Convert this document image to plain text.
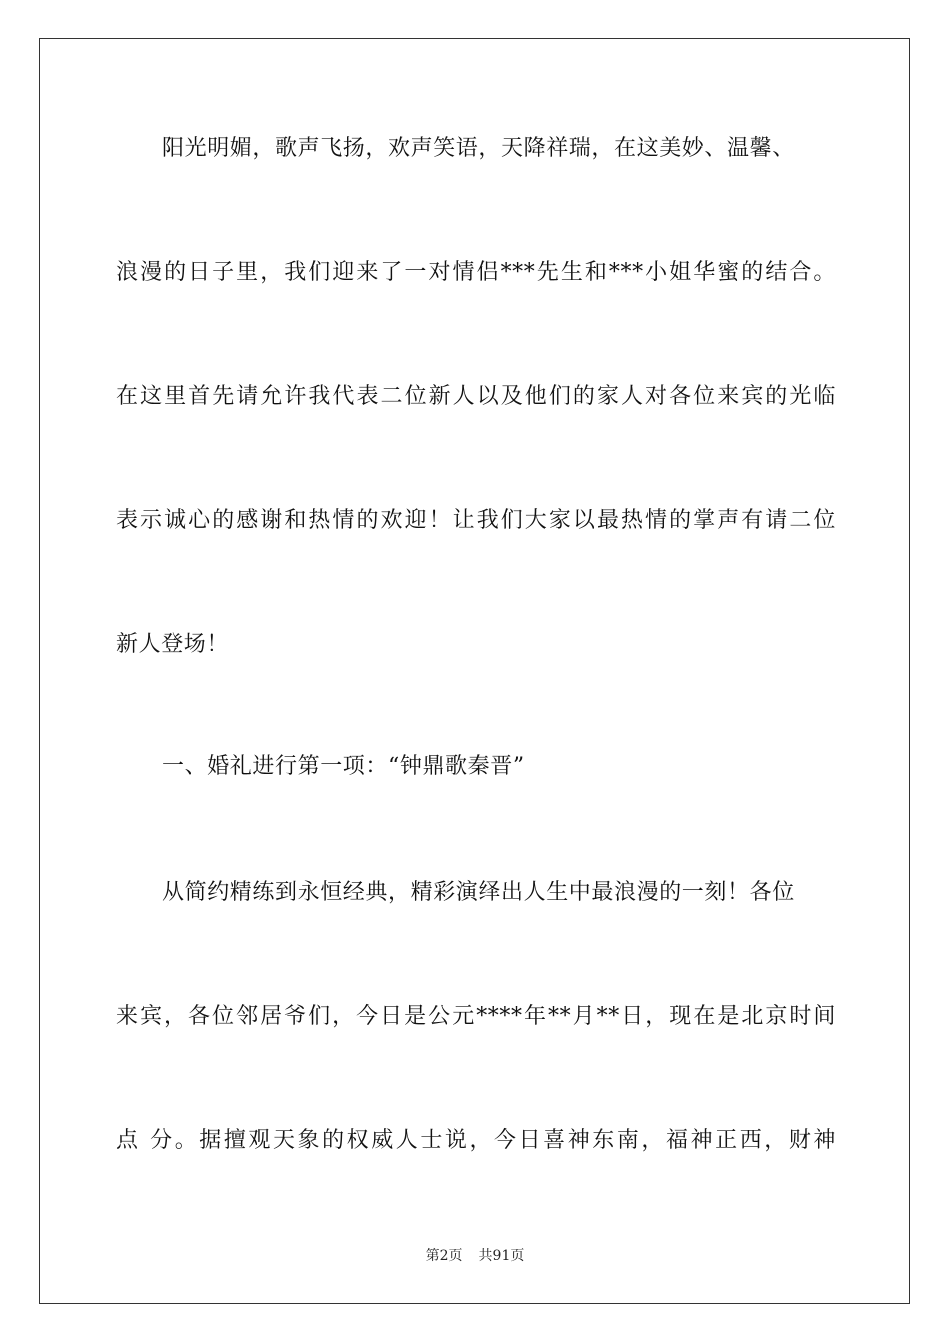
阳光明媚，歌声飞扬，欢声笑语，天降祥瑞，在这美妙、温馨、
浪漫的日子里，我们迎来了一对情侣***先生和***小姐华蜜的结合。
在这里首先请允许我代表二位新人以及他们的家人对各位来宾的光临
表示诚心的感谢和热情的欢迎！让我们大家以最热情的掌声有请二位
新人登场！
一、婚礼进行第一项：“钟鼎歌秦晋”
从简约精练到永恒经典，精彩演绎出人生中最浪漫的一刻！各位
来宾，各位邻居爷们，今日是公元****年**月**日，现在是北京时间
点 分。据擅观天象的权威人士说，今日喜神东南，福神正西，财神
第2页 共91页
